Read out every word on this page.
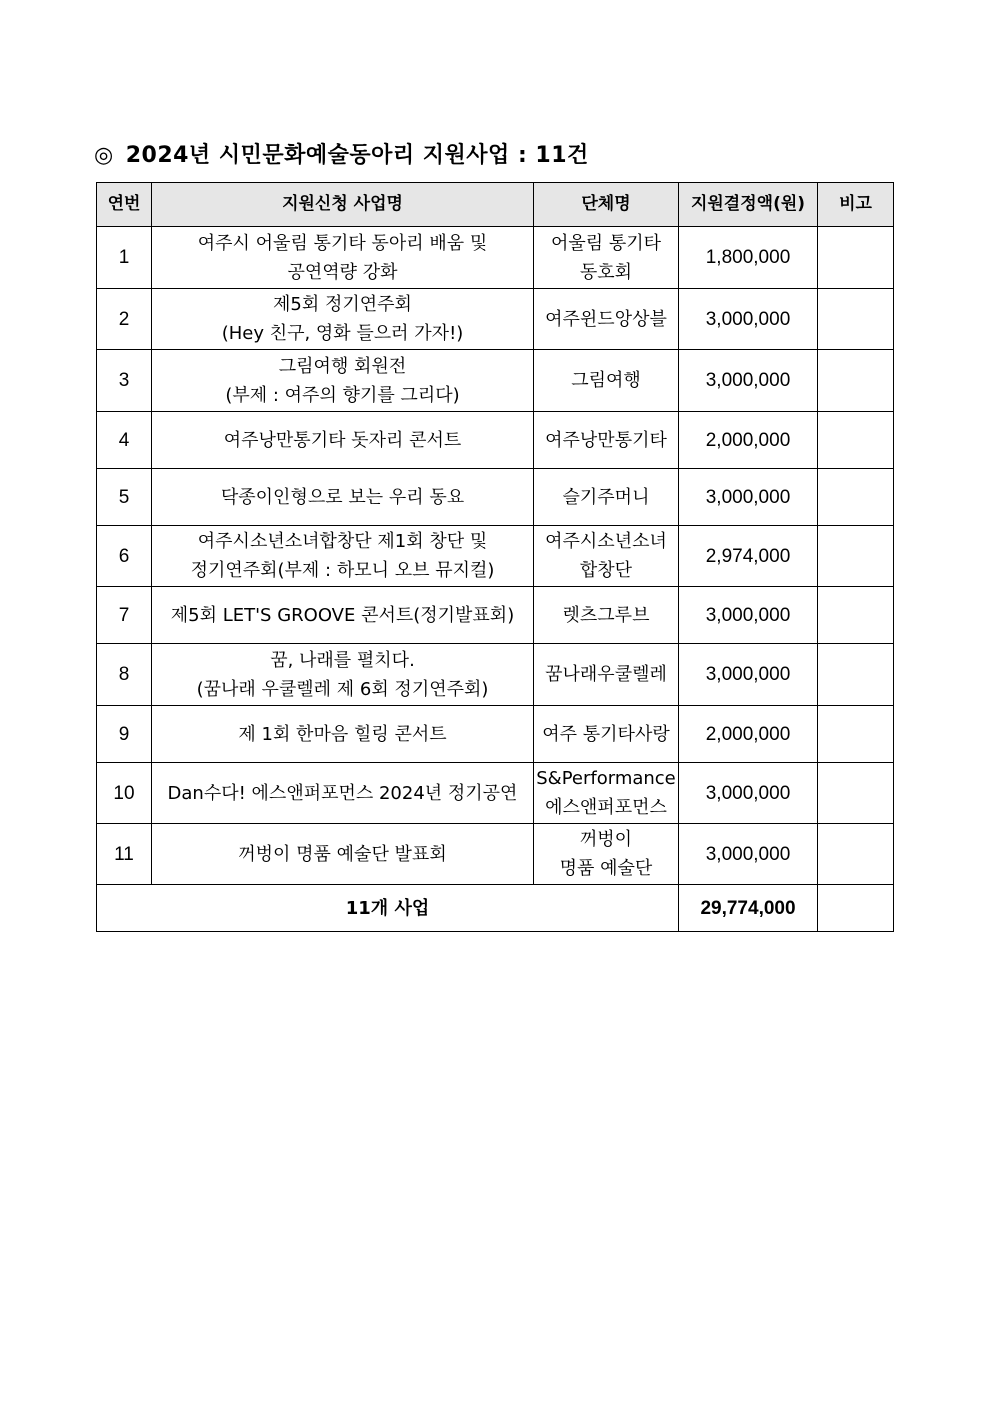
◎ 2024년 시민문화예술동아리 지원사업 : 11건
연번	지원신청 사업명	단체명	지원결정액(원)	비고
1	여주시 어울림 통기타 동아리 배움 및
공연역량 강화	어울림 통기타
동호회	1,800,000	
2	제5회 정기연주회
(Hey 친구, 영화 들으러 가자!)	여주윈드앙상블	3,000,000	
3	그림여행 회원전
(부제 : 여주의 향기를 그리다)	그림여행	3,000,000	
4	여주낭만통기타 돗자리 콘서트	여주낭만통기타	2,000,000	
5	닥종이인형으로 보는 우리 동요	슬기주머니	3,000,000	
6	여주시소년소녀합창단 제1회 창단 및
정기연주회(부제 : 하모니 오브 뮤지컬)	여주시소년소녀
합창단	2,974,000	
7	제5회 LET'S GROOVE 콘서트(정기발표회)	렛츠그루브	3,000,000	
8	꿈, 나래를 펼치다.
(꿈나래 우쿨렐레 제 6회 정기연주회)	꿈나래우쿨렐레	3,000,000	
9	제 1회 한마음 힐링 콘서트	여주 통기타사랑	2,000,000	
10	Dan수다! 에스앤퍼포먼스 2024년 정기공연	S&Performance
에스앤퍼포먼스	3,000,000	
11	꺼벙이 명품 예술단 발표회	꺼벙이
명품 예술단	3,000,000	
11개 사업			29,774,000	
